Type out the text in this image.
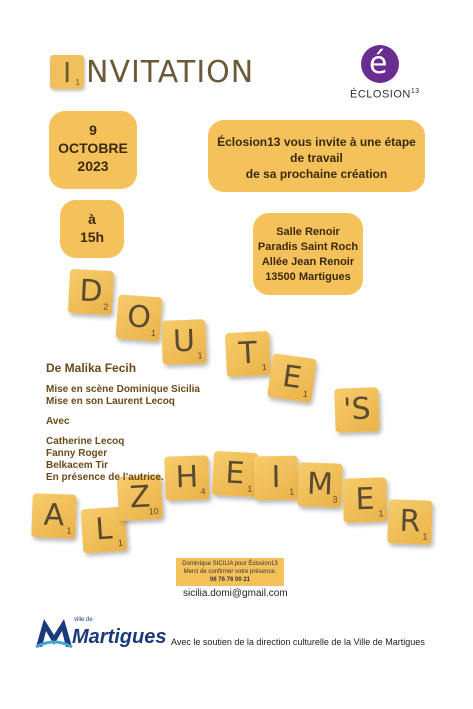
I 1 NVITATION	é
ÉCLOSION$^{13}$
9
OCTOBRE
2023
Éclosion13 vous invite à une étape
de travail
de sa prochaine création
à
15h	Salle Renoir
Paradis Saint Roch
Allée Jean Renoir
13500 Martigues
D 2 O
1 U 1	T 1 E
1 'S
A 1 L 1
Z
10
H 4 E 1 I 1 M
3 E 1 R 1
De Malika Fecih
Mise en scène Dominique Sicilia
Mise en son Laurent Lecoq
Avec
Catherine Lecoq
Fanny Roger
Belkacem Tir
En présence de l’autrice.
Dominique SICILIA pour Éclosion13
Merci de confirmer votre présence.
06 76 76 00 21
sicilia.domi@gmail.com
ville de
Martigues Avec le soutien de la direction culturelle de la Ville de Martigues
